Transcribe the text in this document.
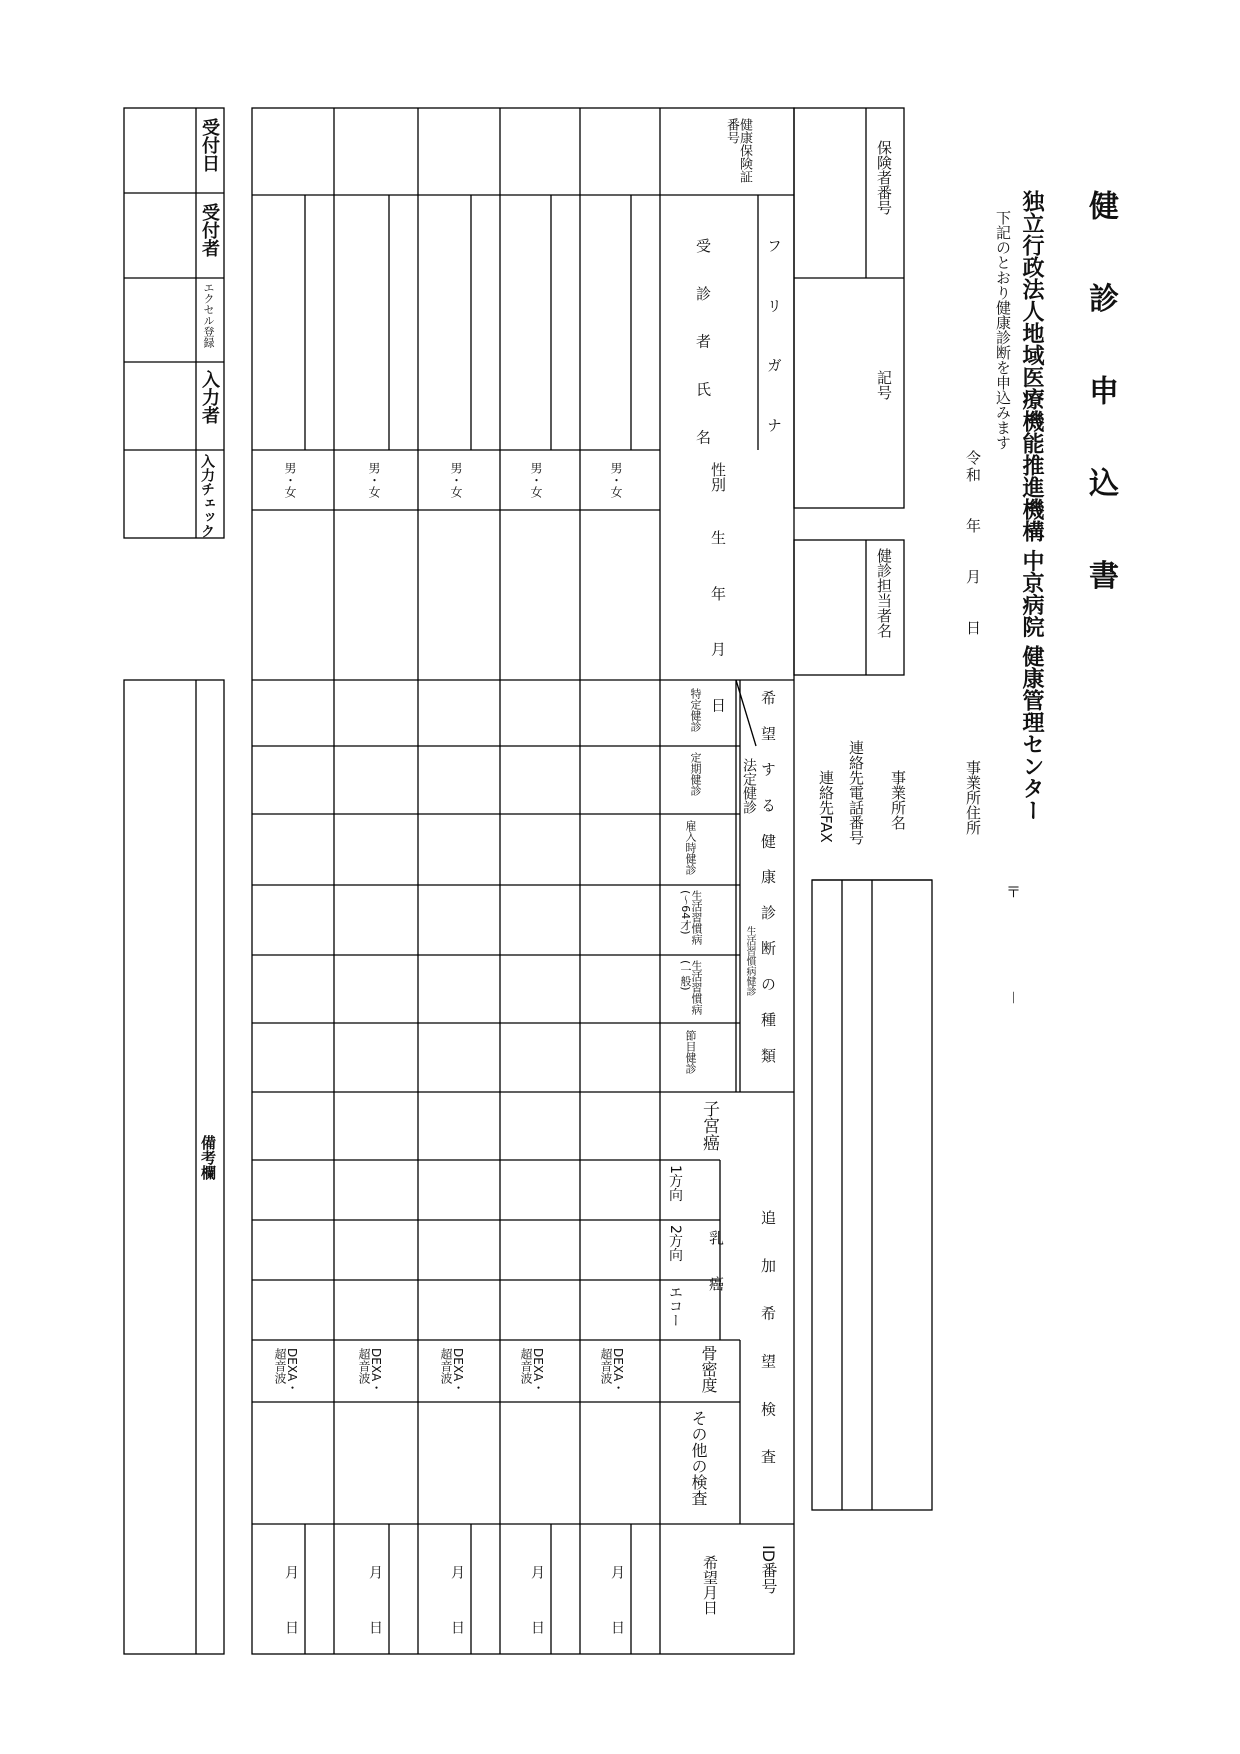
健 診 申 込 書
独立行政法人地域医療機能推進機構 中京病院 健康管理センター
下記のとおり健康診断を申込みます
令和　　年　　月　　日
保険者番号
記号
健診担当者名
〒
－
事業所住所
事業所名
連絡先電話番号
連絡先FAX
健康保険証番号
フ リ ガ ナ
受 診 者 氏 名
性別
生 年 月 日
希 望 す る 健 康 診 断 の 種 類
法定健診
生活習慣病健診
特定健診
定期健診
雇入時健診
生活習慣病(～64才)
生活習慣病(一般)
節目健診
追 加 希 望 検 査
子宮癌
乳　癌
1方向
2方向
エコー
骨密度
その他の検査
ID番号
希望月日
男・女
男・女
男・女
男・女
男・女
DEXA・超音波
DEXA・超音波
DEXA・超音波
DEXA・超音波
DEXA・超音波
月
日
月
日
月
日
月
日
月
日
受付日
受付者
エクセル登録
入力者
入力チェック
備考欄
